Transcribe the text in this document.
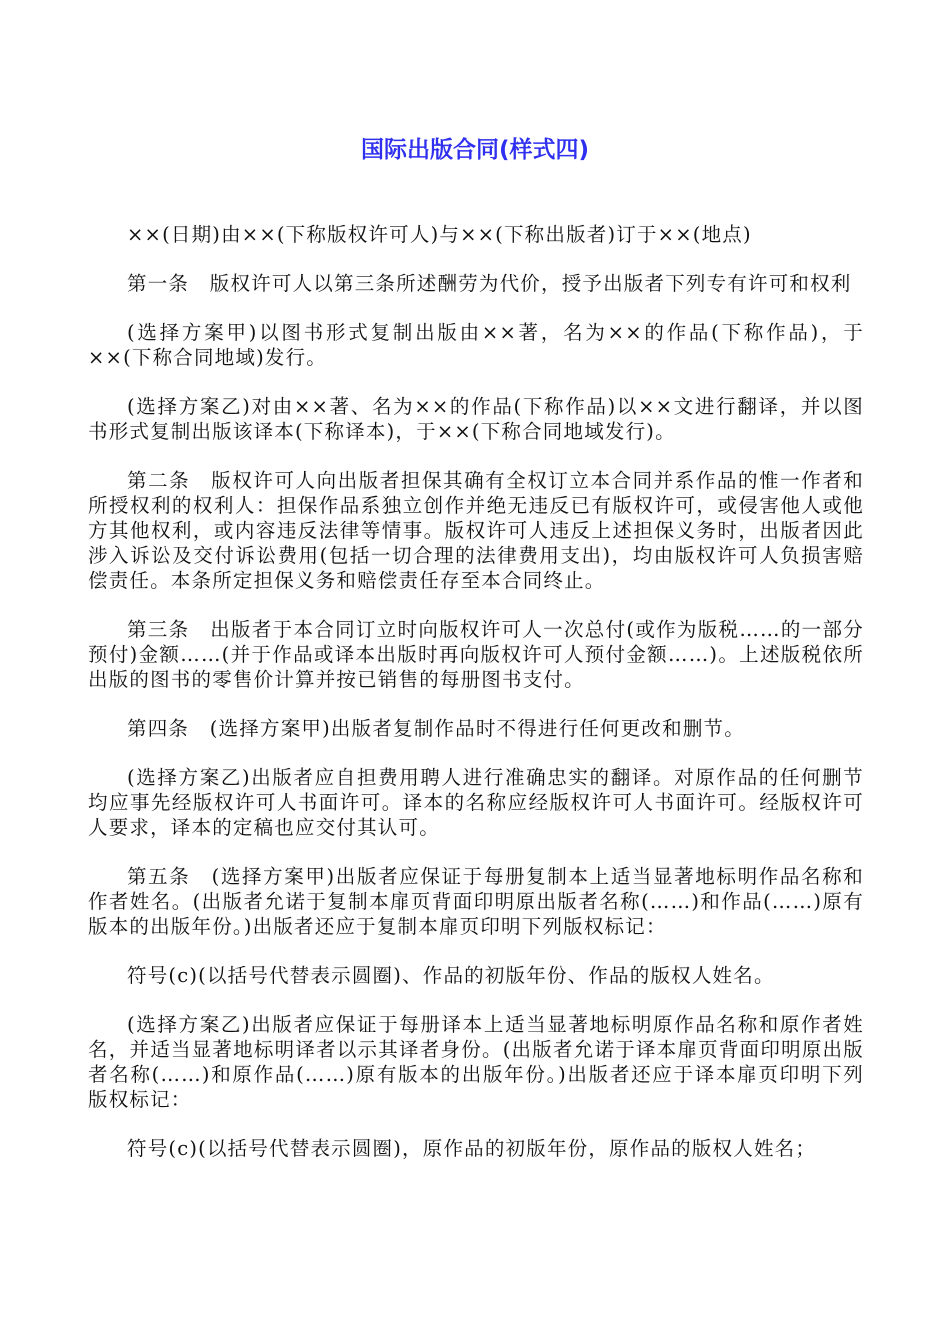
国际出版合同(样式四)

××(日期)由××(下称版权许可人)与××(下称出版者)订于××(地点)

第一条　版权许可人以第三条所述酬劳为代价，授予出版者下列专有许可和权利

(选择方案甲)以图书形式复制出版由××著，名为××的作品(下称作品)，于××(下称合同地域)发行。

(选择方案乙)对由××著、名为××的作品(下称作品)以××文进行翻译，并以图书形式复制出版该译本(下称译本)，于××(下称合同地域发行)。

第二条　版权许可人向出版者担保其确有全权订立本合同并系作品的惟一作者和所授权利的权利人：担保作品系独立创作并绝无违反已有版权许可，或侵害他人或他方其他权利，或内容违反法律等情事。版权许可人违反上述担保义务时，出版者因此涉入诉讼及交付诉讼费用(包括一切合理的法律费用支出)，均由版权许可人负损害赔偿责任。本条所定担保义务和赔偿责任存至本合同终止。

第三条　出版者于本合同订立时向版权许可人一次总付(或作为版税……的一部分预付)金额……(并于作品或译本出版时再向版权许可人预付金额……)。上述版税依所出版的图书的零售价计算并按已销售的每册图书支付。

第四条　(选择方案甲)出版者复制作品时不得进行任何更改和删节。

(选择方案乙)出版者应自担费用聘人进行准确忠实的翻译。对原作品的任何删节均应事先经版权许可人书面许可。译本的名称应经版权许可人书面许可。经版权许可人要求，译本的定稿也应交付其认可。

第五条　(选择方案甲)出版者应保证于每册复制本上适当显著地标明作品名称和作者姓名。(出版者允诺于复制本扉页背面印明原出版者名称(……)和作品(……)原有版本的出版年份。)出版者还应于复制本扉页印明下列版权标记：

符号(c)(以括号代替表示圆圈)、作品的初版年份、作品的版权人姓名。

(选择方案乙)出版者应保证于每册译本上适当显著地标明原作品名称和原作者姓名，并适当显著地标明译者以示其译者身份。(出版者允诺于译本扉页背面印明原出版者名称(……)和原作品(……)原有版本的出版年份。)出版者还应于译本扉页印明下列版权标记：

符号(c)(以括号代替表示圆圈)，原作品的初版年份，原作品的版权人姓名；
